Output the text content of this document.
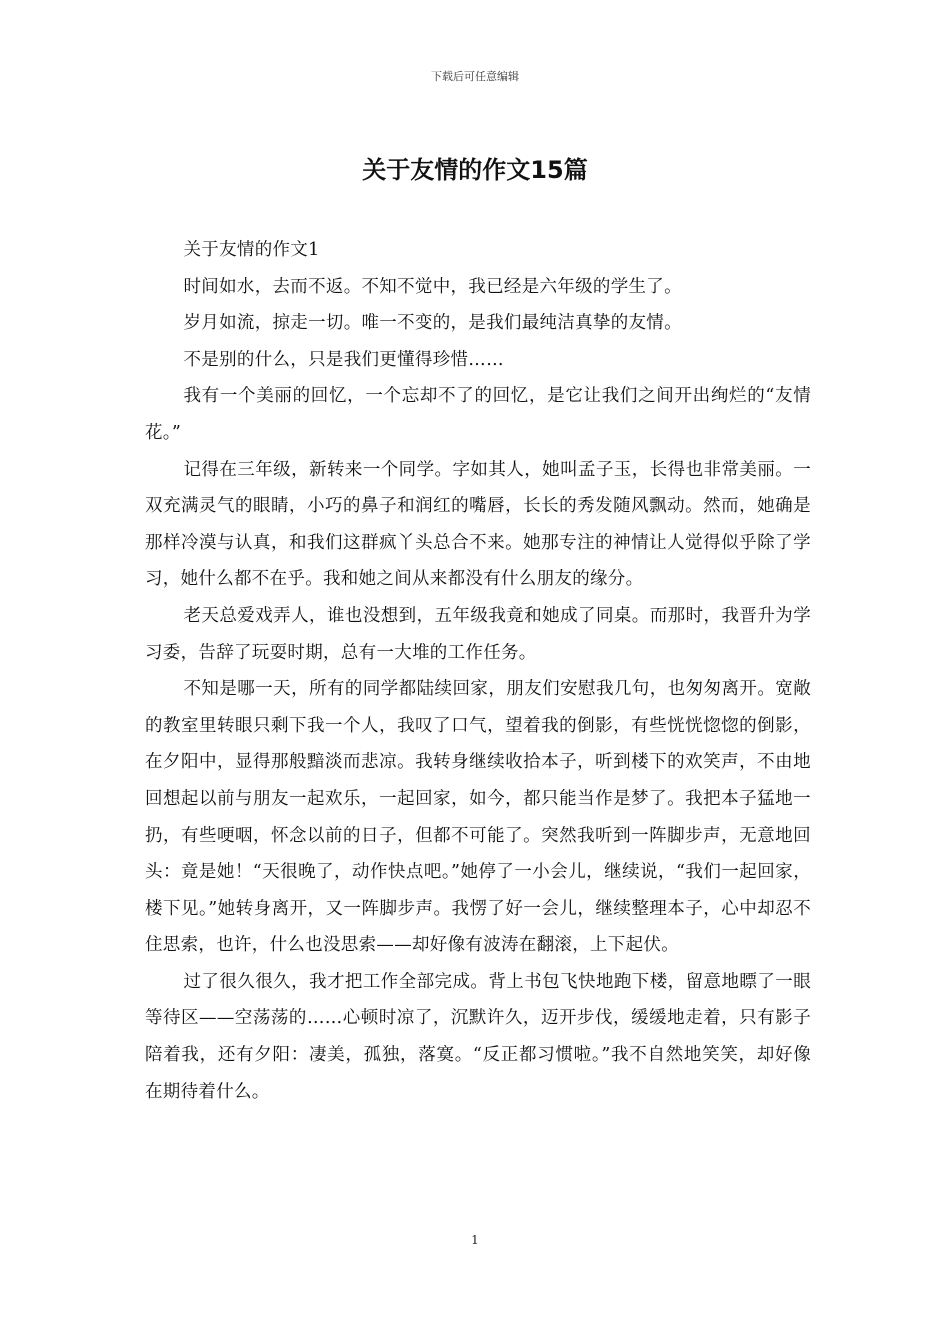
下载后可任意编辑
关于友情的作文15篇

关于友情的作文1

时间如水，去而不返。不知不觉中，我已经是六年级的学生了。

岁月如流，掠走一切。唯一不变的，是我们最纯洁真挚的友情。

不是别的什么，只是我们更懂得珍惜……

我有一个美丽的回忆，一个忘却不了的回忆，是它让我们之间开出绚烂的“友情花。”

记得在三年级，新转来一个同学。字如其人，她叫孟子玉，长得也非常美丽。一双充满灵气的眼睛，小巧的鼻子和润红的嘴唇，长长的秀发随风飘动。然而，她确是那样冷漠与认真，和我们这群疯丫头总合不来。她那专注的神情让人觉得似乎除了学习，她什么都不在乎。我和她之间从来都没有什么朋友的缘分。

老天总爱戏弄人，谁也没想到，五年级我竟和她成了同桌。而那时，我晋升为学习委，告辞了玩耍时期，总有一大堆的工作任务。

不知是哪一天，所有的同学都陆续回家，朋友们安慰我几句，也匆匆离开。宽敞的教室里转眼只剩下我一个人，我叹了口气，望着我的倒影，有些恍恍惚惚的倒影，在夕阳中，显得那般黯淡而悲凉。我转身继续收拾本子，听到楼下的欢笑声，不由地回想起以前与朋友一起欢乐，一起回家，如今，都只能当作是梦了。我把本子猛地一扔，有些哽咽，怀念以前的日子，但都不可能了。突然我听到一阵脚步声，无意地回头：竟是她！“天很晚了，动作快点吧。”她停了一小会儿，继续说，“我们一起回家，楼下见。”她转身离开，又一阵脚步声。我愣了好一会儿，继续整理本子，心中却忍不住思索，也许，什么也没思索——却好像有波涛在翻滚，上下起伏。

过了很久很久，我才把工作全部完成。背上书包飞快地跑下楼，留意地瞟了一眼等待区——空荡荡的……心顿时凉了，沉默许久，迈开步伐，缓缓地走着，只有影子陪着我，还有夕阳：凄美，孤独，落寞。“反正都习惯啦。”我不自然地笑笑，却好像在期待着什么。

1
